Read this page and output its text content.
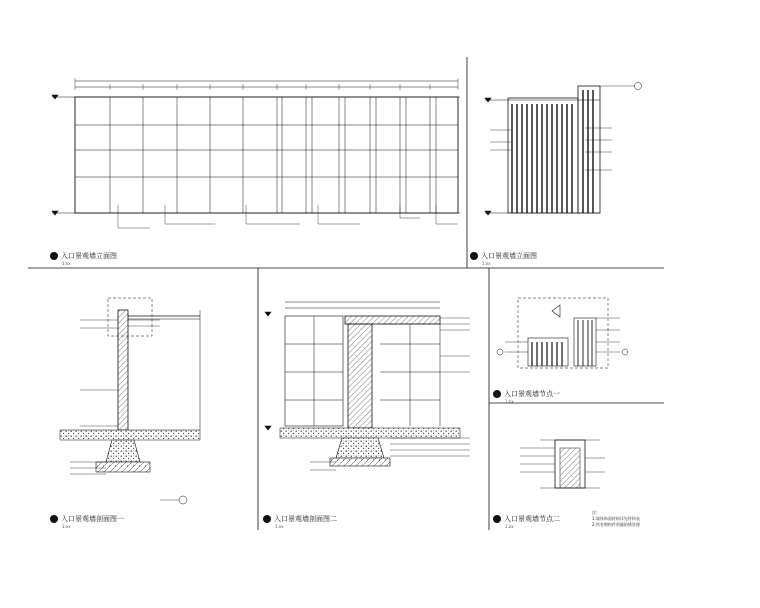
入口景观墙立面图
1:xx
入口景观墙立面图
1:xx
入口景观墙剖面图一
1:xx
入口景观墙剖面图二
1:xx
入口景观墙节点一
1:xx
入口景观墙节点二
1:xx
注:
1.墙体饰面材料详见材料表
2.所有钢构件须做防锈处理
